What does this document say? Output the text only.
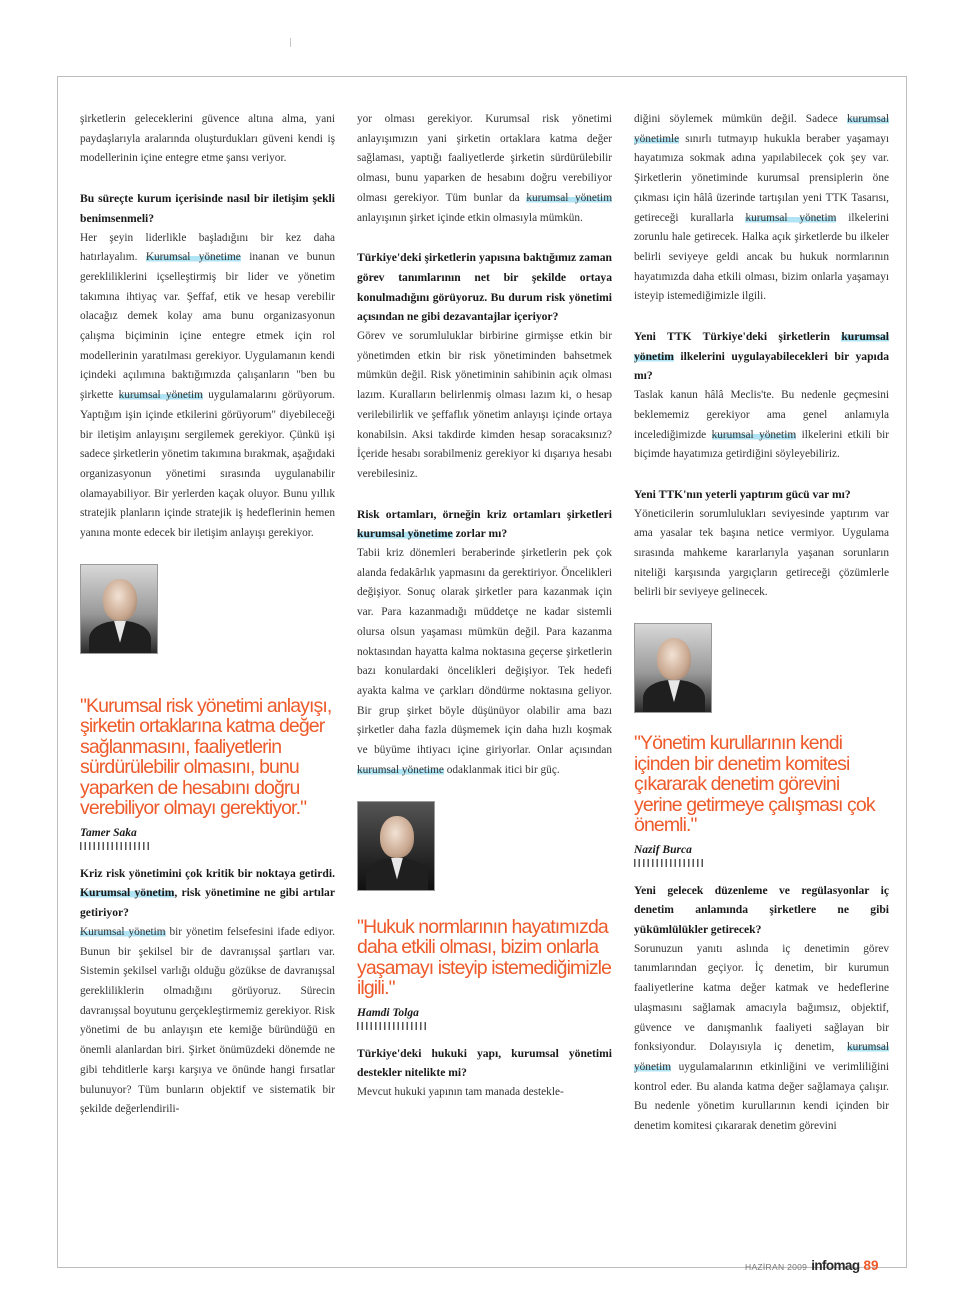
şirketlerin geleceklerini güvence altına alma, yani paydaşlarıyla aralarında oluşturdukları güveni kendi iş modellerinin içine entegre etme şansı veriyor.

Bu süreçte kurum içerisinde nasıl bir iletişim şekli benimsenmeli?

Her şeyin liderlikle başladığını bir kez daha hatırlayalım. Kurumsal yönetime inanan ve bunun gerekliliklerini içselleştirmiş bir lider ve yönetim takımına ihtiyaç var. Şeffaf, etik ve hesap verebilir olacağız demek kolay ama bunu organizasyonun çalışma biçiminin içine entegre etmek için rol modellerinin yaratılması gerekiyor. Uygulamanın kendi içindeki açılımına baktığımızda çalışanların "ben bu şirkette kurumsal yönetim uygulamalarını görüyorum. Yaptığım işin içinde etkilerini görüyorum" diyebileceği bir iletişim anlayışını sergilemek gerekiyor. Çünkü işi sadece şirketlerin yönetim takımına bırakmak, aşağıdaki organizasyonun yönetimi sırasında uygulanabilir olamayabiliyor. Bir yerlerden kaçak oluyor. Bunu yıllık stratejik planların içinde stratejik iş hedeflerinin hemen yanına monte edecek bir iletişim anlayışı gerekiyor.

"Kurumsal risk yönetimi anlayışı, şirketin ortaklarına katma değer sağlanmasını, faaliyetlerin sürdürülebilir olmasını, bunu yaparken de hesabını doğru verebiliyor olmayı gerektiyor."

Tamer Saka
Kriz risk yönetimini çok kritik bir noktaya getirdi. Kurumsal yönetim, risk yönetimine ne gibi artılar getiriyor?

Kurumsal yönetim bir yönetim felsefesini ifade ediyor. Bunun bir şekilsel bir de davranışsal şartları var. Sistemin şekilsel varlığı olduğu gözükse de davranışsal gerekliliklerin olmadığını görüyoruz. Sürecin davranışsal boyutunu gerçekleştirmemiz gerekiyor. Risk yönetimi de bu anlayışın ete kemiğe büründüğü en önemli alanlardan biri. Şirket önümüzdeki dönemde ne gibi tehditlerle karşı karşıya ve önünde hangi fırsatlar bulunuyor? Tüm bunların objektif ve sistematik bir şekilde değerlendirili-

yor olması gerekiyor. Kurumsal risk yönetimi anlayışımızın yani şirketin ortaklara katma değer sağlaması, yaptığı faaliyetlerde şirketin sürdürülebilir olması, bunu yaparken de hesabını doğru verebiliyor olması gerekiyor. Tüm bunlar da kurumsal yönetim anlayışının şirket içinde etkin olmasıyla mümkün.

Türkiye'deki şirketlerin yapısına baktığımız zaman görev tanımlarının net bir şekilde ortaya konulmadığını görüyoruz. Bu durum risk yönetimi açısından ne gibi dezavantajlar içeriyor?

Görev ve sorumluluklar birbirine girmişse etkin bir yönetimden etkin bir risk yönetiminden bahsetmek mümkün değil. Risk yönetiminin sahibinin açık olması lazım. Kuralların belirlenmiş olması lazım ki, o hesap verilebilirlik ve şeffaflık yönetim anlayışı içinde ortaya konabilsin. Aksi takdirde kimden hesap soracaksınız? İçeride hesabı sorabilmeniz gerekiyor ki dışarıya hesabı verebilesiniz.

Risk ortamları, örneğin kriz ortamları şirketleri kurumsal yönetime zorlar mı?

Tabii kriz dönemleri beraberinde şirketlerin pek çok alanda fedakârlık yapmasını da gerektiriyor. Öncelikleri değişiyor. Sonuç olarak şirketler para kazanmak için var. Para kazanmadığı müddetçe ne kadar sistemli olursa olsun yaşaması mümkün değil. Para kazanma noktasından hayatta kalma noktasına geçerse şirketlerin bazı konulardaki öncelikleri değişiyor. Tek hedefi ayakta kalma ve çarkları döndürme noktasına geliyor. Bir grup şirket böyle düşünüyor olabilir ama bazı şirketler daha fazla düşmemek için daha hızlı koşmak ve büyüme ihtiyacı içine giriyorlar. Onlar açısından kurumsal yönetime odaklanmak itici bir güç.

"Hukuk normlarının hayatımızda daha etkili olması, bizim onlarla yaşamayı isteyip istemediğimizle ilgili."

Hamdi Tolga
Türkiye'deki hukuki yapı, kurumsal yönetimi destekler nitelikte mi?

Mevcut hukuki yapının tam manada destekle-

diğini söylemek mümkün değil. Sadece kurumsal yönetimle sınırlı tutmayıp hukukla beraber yaşamayı hayatımıza sokmak adına yapılabilecek çok şey var. Şirketlerin yönetiminde kurumsal prensiplerin öne çıkması için hâlâ üzerinde tartışılan yeni TTK Tasarısı, getireceği kurallarla kurumsal yönetim ilkelerini zorunlu hale getirecek. Halka açık şirketlerde bu ilkeler belirli seviyeye geldi ancak bu hukuk normlarının hayatımızda daha etkili olması, bizim onlarla yaşamayı isteyip istemediğimizle ilgili.

Yeni TTK Türkiye'deki şirketlerin kurumsal yönetim ilkelerini uygulayabilecekleri bir yapıda mı?

Taslak kanun hâlâ Meclis'te. Bu nedenle geçmesini beklememiz gerekiyor ama genel anlamıyla incelediğimizde kurumsal yönetim ilkelerini etkili bir biçimde hayatımıza getirdiğini söyleyebiliriz.

Yeni TTK'nın yeterli yaptırım gücü var mı?

Yöneticilerin sorumlulukları seviyesinde yaptırım var ama yasalar tek başına netice vermiyor. Uygulama sırasında mahkeme kararlarıyla yaşanan sorunların niteliği karşısında yargıçların getireceği çözümlerle belirli bir seviyeye gelinecek.

"Yönetim kurullarının kendi içinden bir denetim komitesi çıkararak denetim görevini yerine getirmeye çalışması çok önemli."

Nazif Burca
Yeni gelecek düzenleme ve regülasyonlar iç denetim anlamında şirketlere ne gibi yükümlülükler getirecek?

Sorunuzun yanıtı aslında iç denetimin görev tanımlarından geçiyor. İç denetim, bir kurumun faaliyetlerine katma değer katmak ve hedeflerine ulaşmasını sağlamak amacıyla bağımsız, objektif, güvence ve danışmanlık faaliyeti sağlayan bir fonksiyondur. Dolayısıyla iç denetim, kurumsal yönetim uygulamalarının etkinliğini ve verimliliğini kontrol eder. Bu alanda katma değer sağlamaya çalışır. Bu nedenle yönetim kurullarının kendi içinden bir denetim komitesi çıkararak denetim görevini

HAZİRAN 2009 infomag 89
